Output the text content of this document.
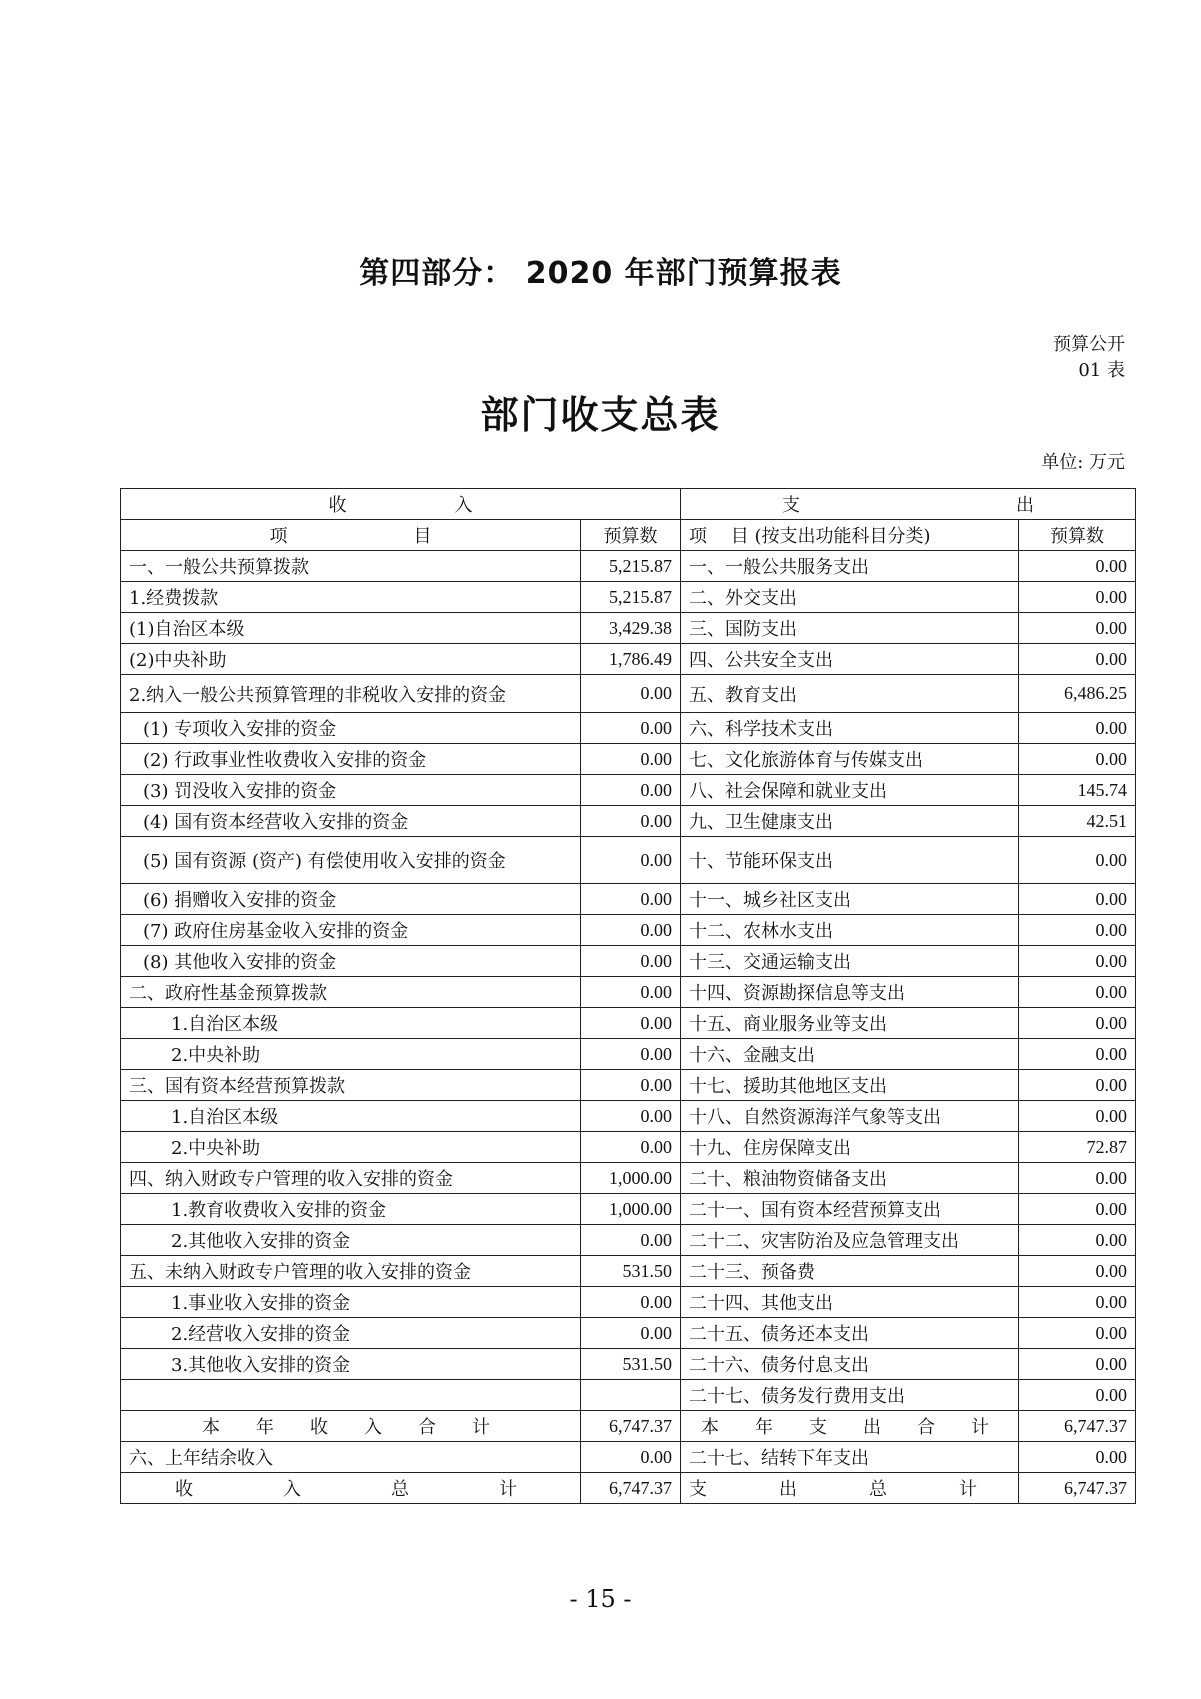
第四部分： 2020 年部门预算报表
预算公开
01 表
部门收支总表
单位: 万元
收　　　　　　入		支　　　　　　　　　　　　出	
项　　　　　　　目	预算数	项　 目 (按支出功能科目分类)	预算数
一、一般公共预算拨款	5,215.87	一、一般公共服务支出	0.00
1.经费拨款	5,215.87	二、外交支出	0.00
(1)自治区本级	3,429.38	三、国防支出	0.00
(2)中央补助	1,786.49	四、公共安全支出	0.00
2.纳入一般公共预算管理的非税收入安排的资金	0.00	五、教育支出	6,486.25
(1) 专项收入安排的资金	0.00	六、科学技术支出	0.00
(2) 行政事业性收费收入安排的资金	0.00	七、文化旅游体育与传媒支出	0.00
(3) 罚没收入安排的资金	0.00	八、社会保障和就业支出	145.74
(4) 国有资本经营收入安排的资金	0.00	九、卫生健康支出	42.51
(5) 国有资源 (资产) 有偿使用收入安排的资金	0.00	十、节能环保支出	0.00
(6) 捐赠收入安排的资金	0.00	十一、城乡社区支出	0.00
(7) 政府住房基金收入安排的资金	0.00	十二、农林水支出	0.00
(8) 其他收入安排的资金	0.00	十三、交通运输支出	0.00
二、政府性基金预算拨款	0.00	十四、资源勘探信息等支出	0.00
1.自治区本级	0.00	十五、商业服务业等支出	0.00
2.中央补助	0.00	十六、金融支出	0.00
三、国有资本经营预算拨款	0.00	十七、援助其他地区支出	0.00
1.自治区本级	0.00	十八、自然资源海洋气象等支出	0.00
2.中央补助	0.00	十九、住房保障支出	72.87
四、纳入财政专户管理的收入安排的资金	1,000.00	二十、粮油物资储备支出	0.00
1.教育收费收入安排的资金	1,000.00	二十一、国有资本经营预算支出	0.00
2.其他收入安排的资金	0.00	二十二、灾害防治及应急管理支出	0.00
五、未纳入财政专户管理的收入安排的资金	531.50	二十三、预备费	0.00
1.事业收入安排的资金	0.00	二十四、其他支出	0.00
2.经营收入安排的资金	0.00	二十五、债务还本支出	0.00
3.其他收入安排的资金	531.50	二十六、债务付息支出	0.00
		二十七、债务发行费用支出	0.00
本　年　收　入　合　计	6,747.37	本　年　支　出　合　计	6,747.37
六、上年结余收入	0.00	二十七、结转下年支出	0.00
收　　　入　　　总　　　计	6,747.37	支　　　　出　　　　总　　　　计	6,747.37
- 15 -
